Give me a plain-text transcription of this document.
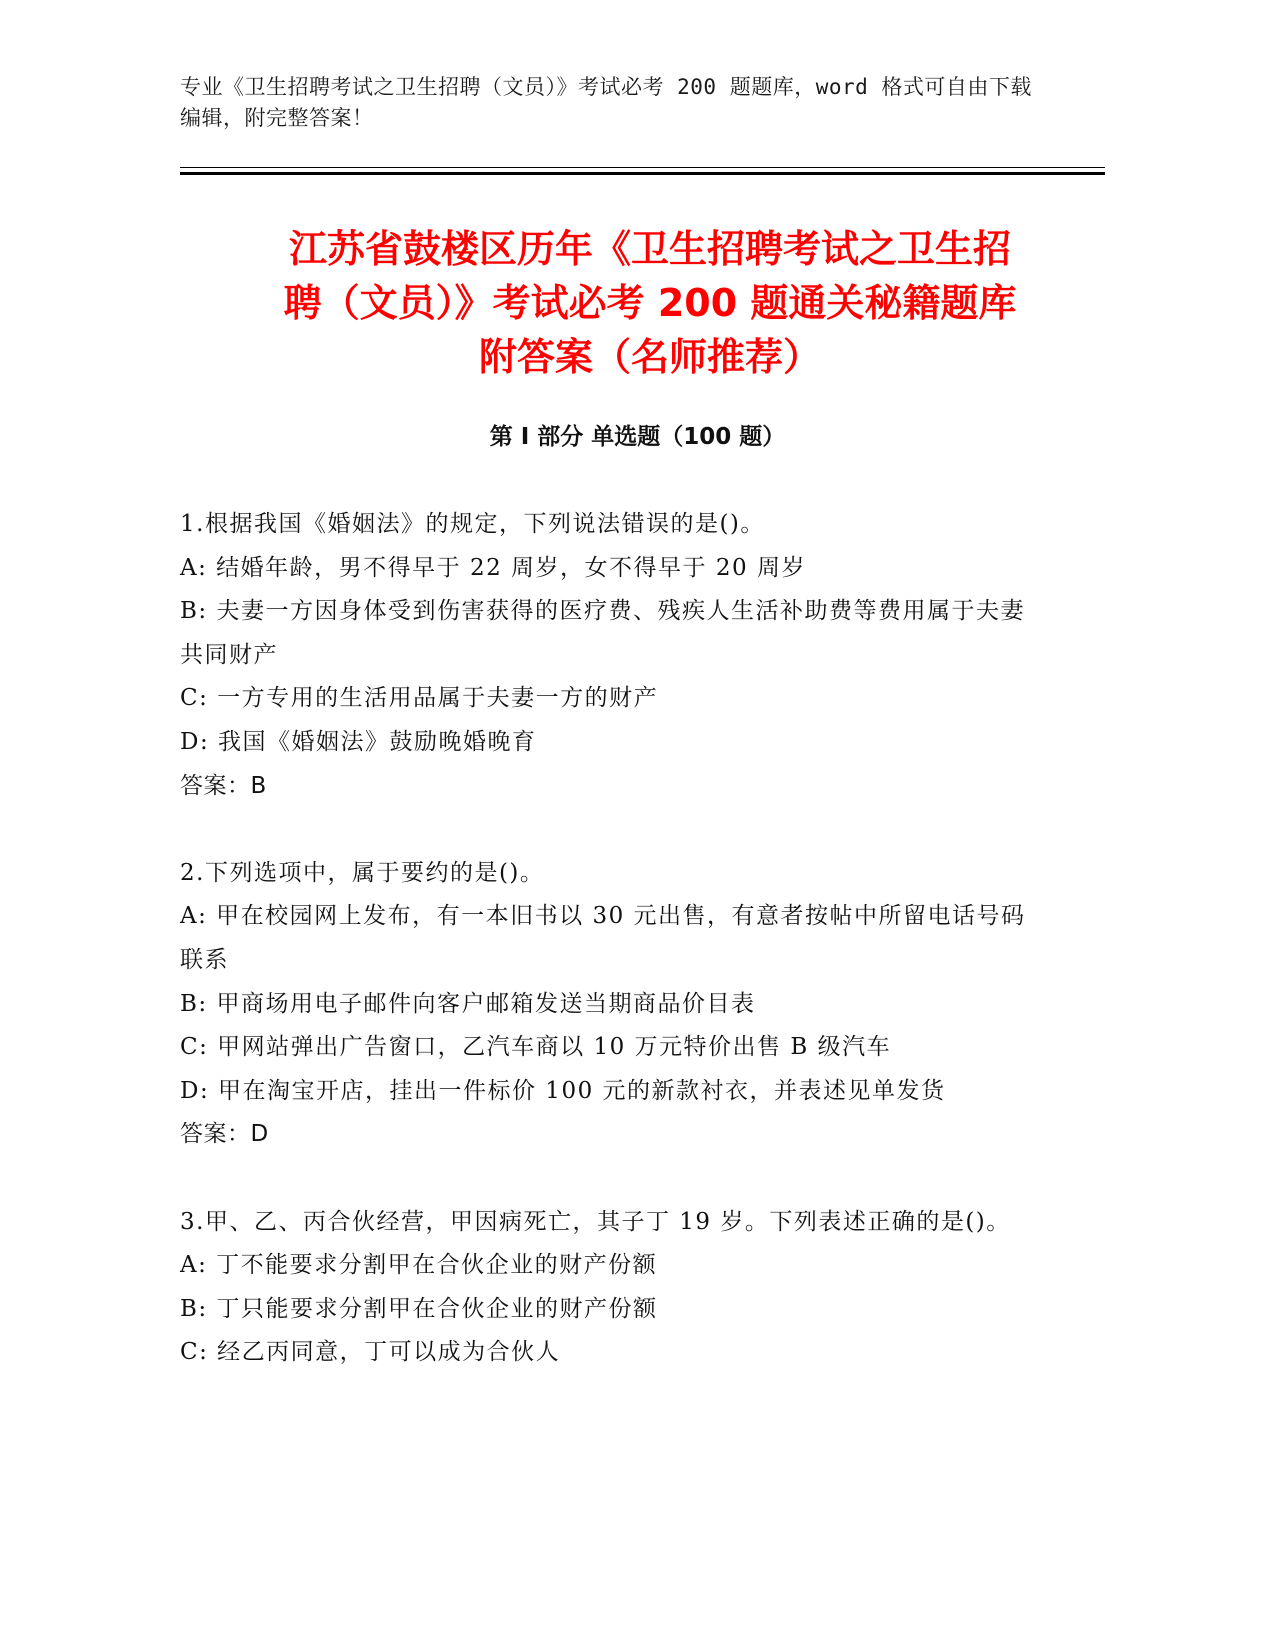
专业《卫生招聘考试之卫生招聘（文员）》考试必考 200 题题库，word 格式可自由下载编辑，附完整答案！
江苏省鼓楼区历年《卫生招聘考试之卫生招
聘（文员）》考试必考 200 题通关秘籍题库
附答案（名师推荐）
第 I 部分 单选题（100 题）
1.根据我国《婚姻法》的规定，下列说法错误的是()。
A: 结婚年龄，男不得早于 22 周岁，女不得早于 20 周岁
B: 夫妻一方因身体受到伤害获得的医疗费、残疾人生活补助费等费用属于夫妻共同财产
C: 一方专用的生活用品属于夫妻一方的财产
D: 我国《婚姻法》鼓励晚婚晚育
答案：B
2.下列选项中，属于要约的是()。
A: 甲在校园网上发布，有一本旧书以 30 元出售，有意者按帖中所留电话号码联系
B: 甲商场用电子邮件向客户邮箱发送当期商品价目表
C: 甲网站弹出广告窗口，乙汽车商以 10 万元特价出售 B 级汽车
D: 甲在淘宝开店，挂出一件标价 100 元的新款衬衣，并表述见单发货
答案：D
3.甲、乙、丙合伙经营，甲因病死亡，其子丁 19 岁。下列表述正确的是()。
A: 丁不能要求分割甲在合伙企业的财产份额
B: 丁只能要求分割甲在合伙企业的财产份额
C: 经乙丙同意，丁可以成为合伙人
